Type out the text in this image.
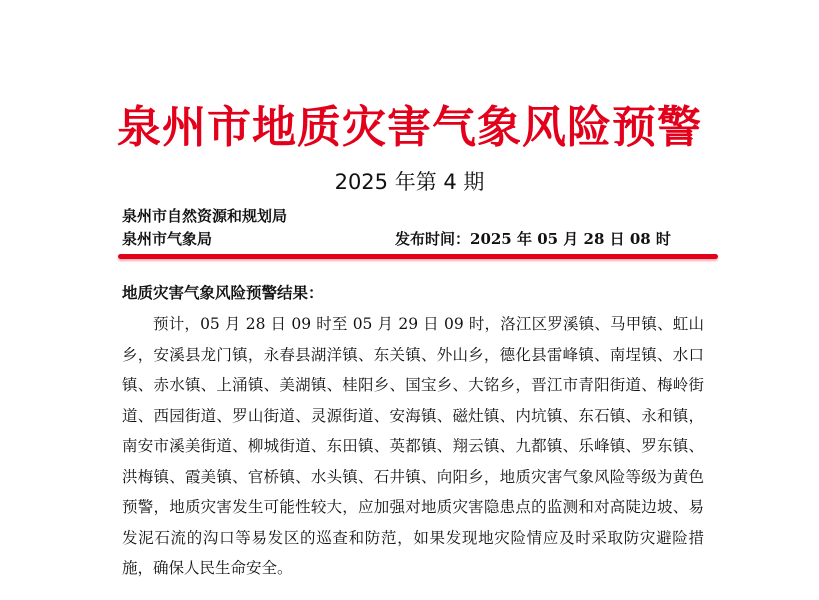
泉州市地质灾害气象风险预警
2025 年第 4 期
泉州市自然资源和规划局
泉州市气象局	发布时间：2025 年 05 月 28 日 08 时
地质灾害气象风险预警结果：

预计，05 月 28 日 09 时至 05 月 29 日 09 时，洛江区罗溪镇、马甲镇、虹山乡，安溪县龙门镇，永春县湖洋镇、东关镇、外山乡，德化县雷峰镇、南埕镇、水口镇、赤水镇、上涌镇、美湖镇、桂阳乡、国宝乡、大铭乡，晋江市青阳街道、梅岭街道、西园街道、罗山街道、灵源街道、安海镇、磁灶镇、内坑镇、东石镇、永和镇，南安市溪美街道、柳城街道、东田镇、英都镇、翔云镇、九都镇、乐峰镇、罗东镇、洪梅镇、霞美镇、官桥镇、水头镇、石井镇、向阳乡，地质灾害气象风险等级为黄色预警，地质灾害发生可能性较大，应加强对地质灾害隐患点的监测和对高陡边坡、易发泥石流的沟口等易发区的巡查和防范，如果发现地灾险情应及时采取防灾避险措施，确保人民生命安全。
